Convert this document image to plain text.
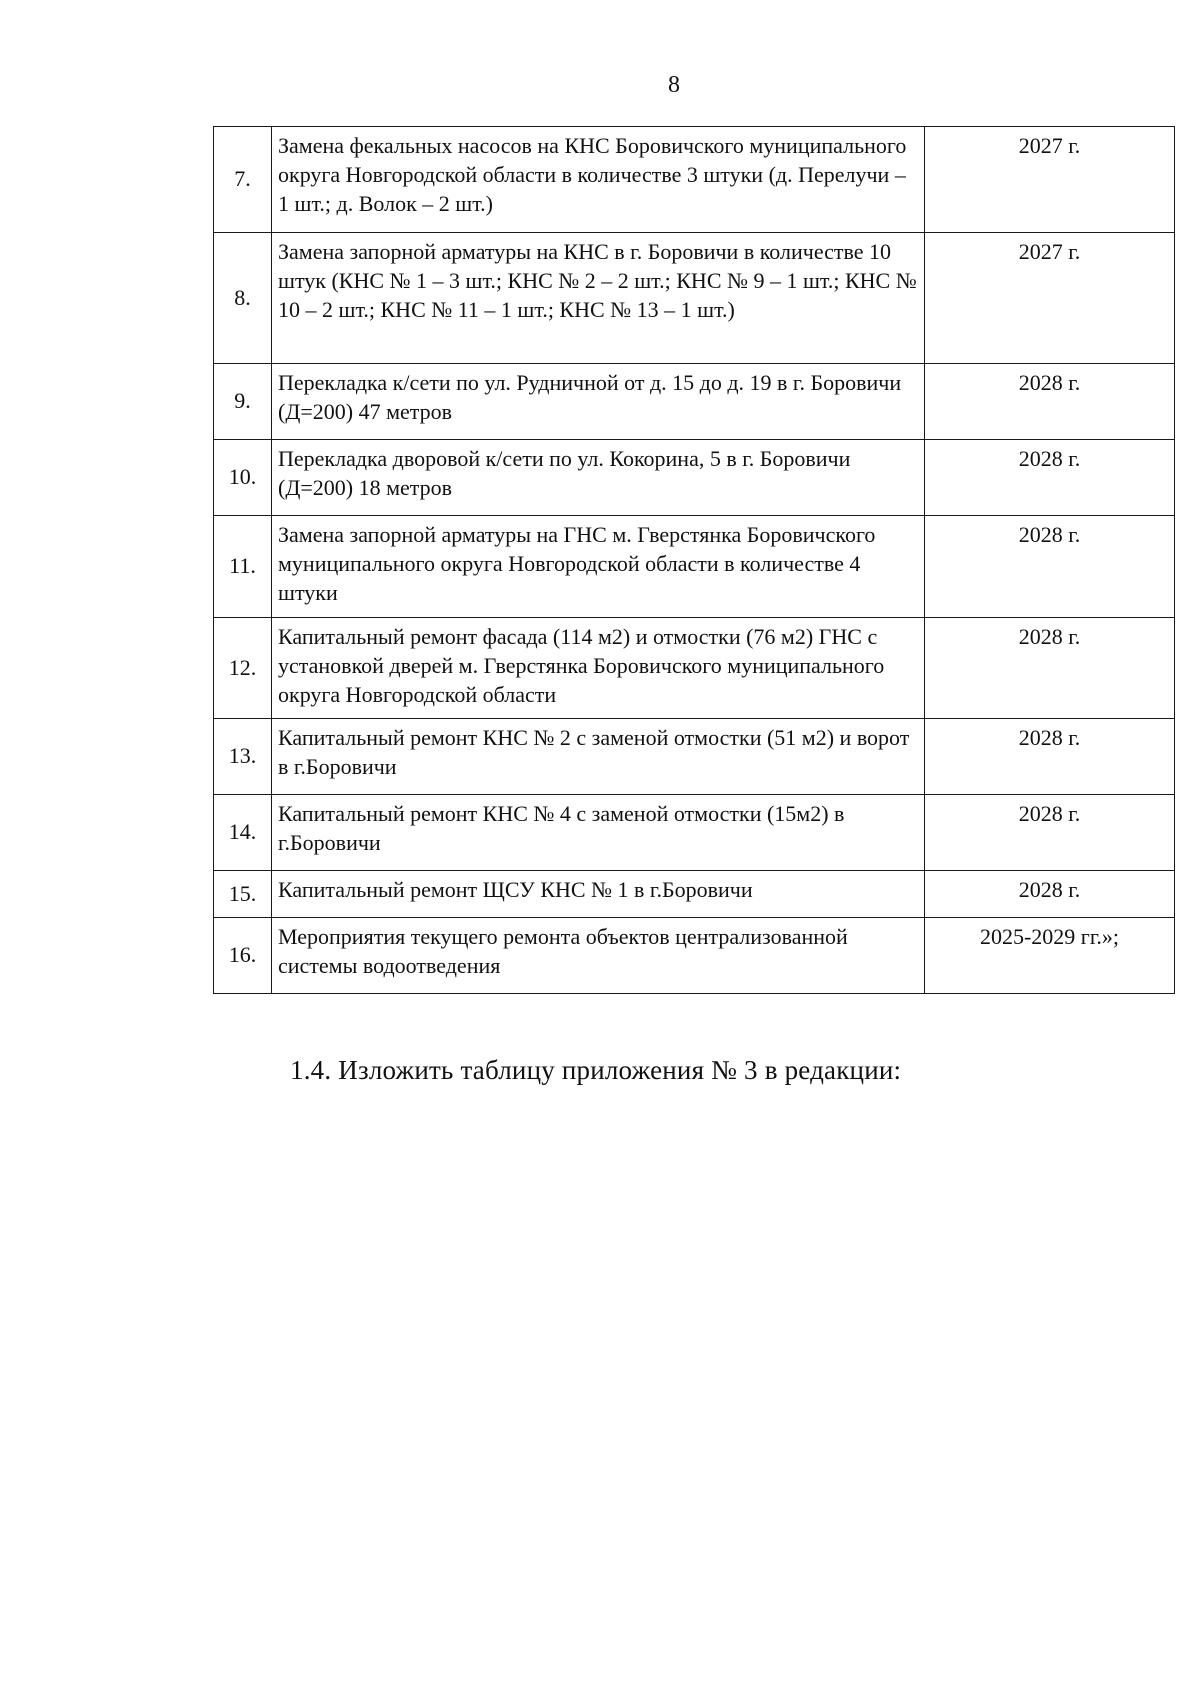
8
7.	Замена фекальных насосов на КНС Боровичского муниципального округа Новгородской области в количестве 3 штуки (д. Перелучи – 1 шт.; д. Волок – 2 шт.)	2027 г.
8.	Замена запорной арматуры на КНС в г. Боровичи в количестве 10 штук (КНС № 1 – 3 шт.; КНС № 2 – 2 шт.; КНС № 9 – 1 шт.; КНС № 10 – 2 шт.; КНС № 11 – 1 шт.; КНС № 13 – 1 шт.)	2027 г.
9.	Перекладка к/сети по ул. Рудничной от д. 15 до д. 19 в г. Боровичи (Д=200) 47 метров	2028 г.
10.	Перекладка дворовой к/сети по ул. Кокорина, 5 в г. Боровичи (Д=200) 18 метров	2028 г.
11.	Замена запорной арматуры на ГНС м. Гверстянка Боровичского муниципального округа Новгородской области в количестве 4 штуки	2028 г.
12.	Капитальный ремонт фасада (114 м2) и отмостки (76 м2) ГНС с установкой дверей м. Гверстянка Боровичского муниципального округа Новгородской области	2028 г.
13.	Капитальный ремонт КНС № 2 с заменой отмостки (51 м2) и ворот в г.Боровичи	2028 г.
14.	Капитальный ремонт КНС № 4 с заменой отмостки (15м2) в г.Боровичи	2028 г.
15.	Капитальный ремонт ЩСУ КНС № 1 в г.Боровичи	2028 г.
16.	Мероприятия текущего ремонта объектов централизованной системы водоотведения	2025-2029 гг.»;
1.4. Изложить таблицу приложения № 3 в редакции:
